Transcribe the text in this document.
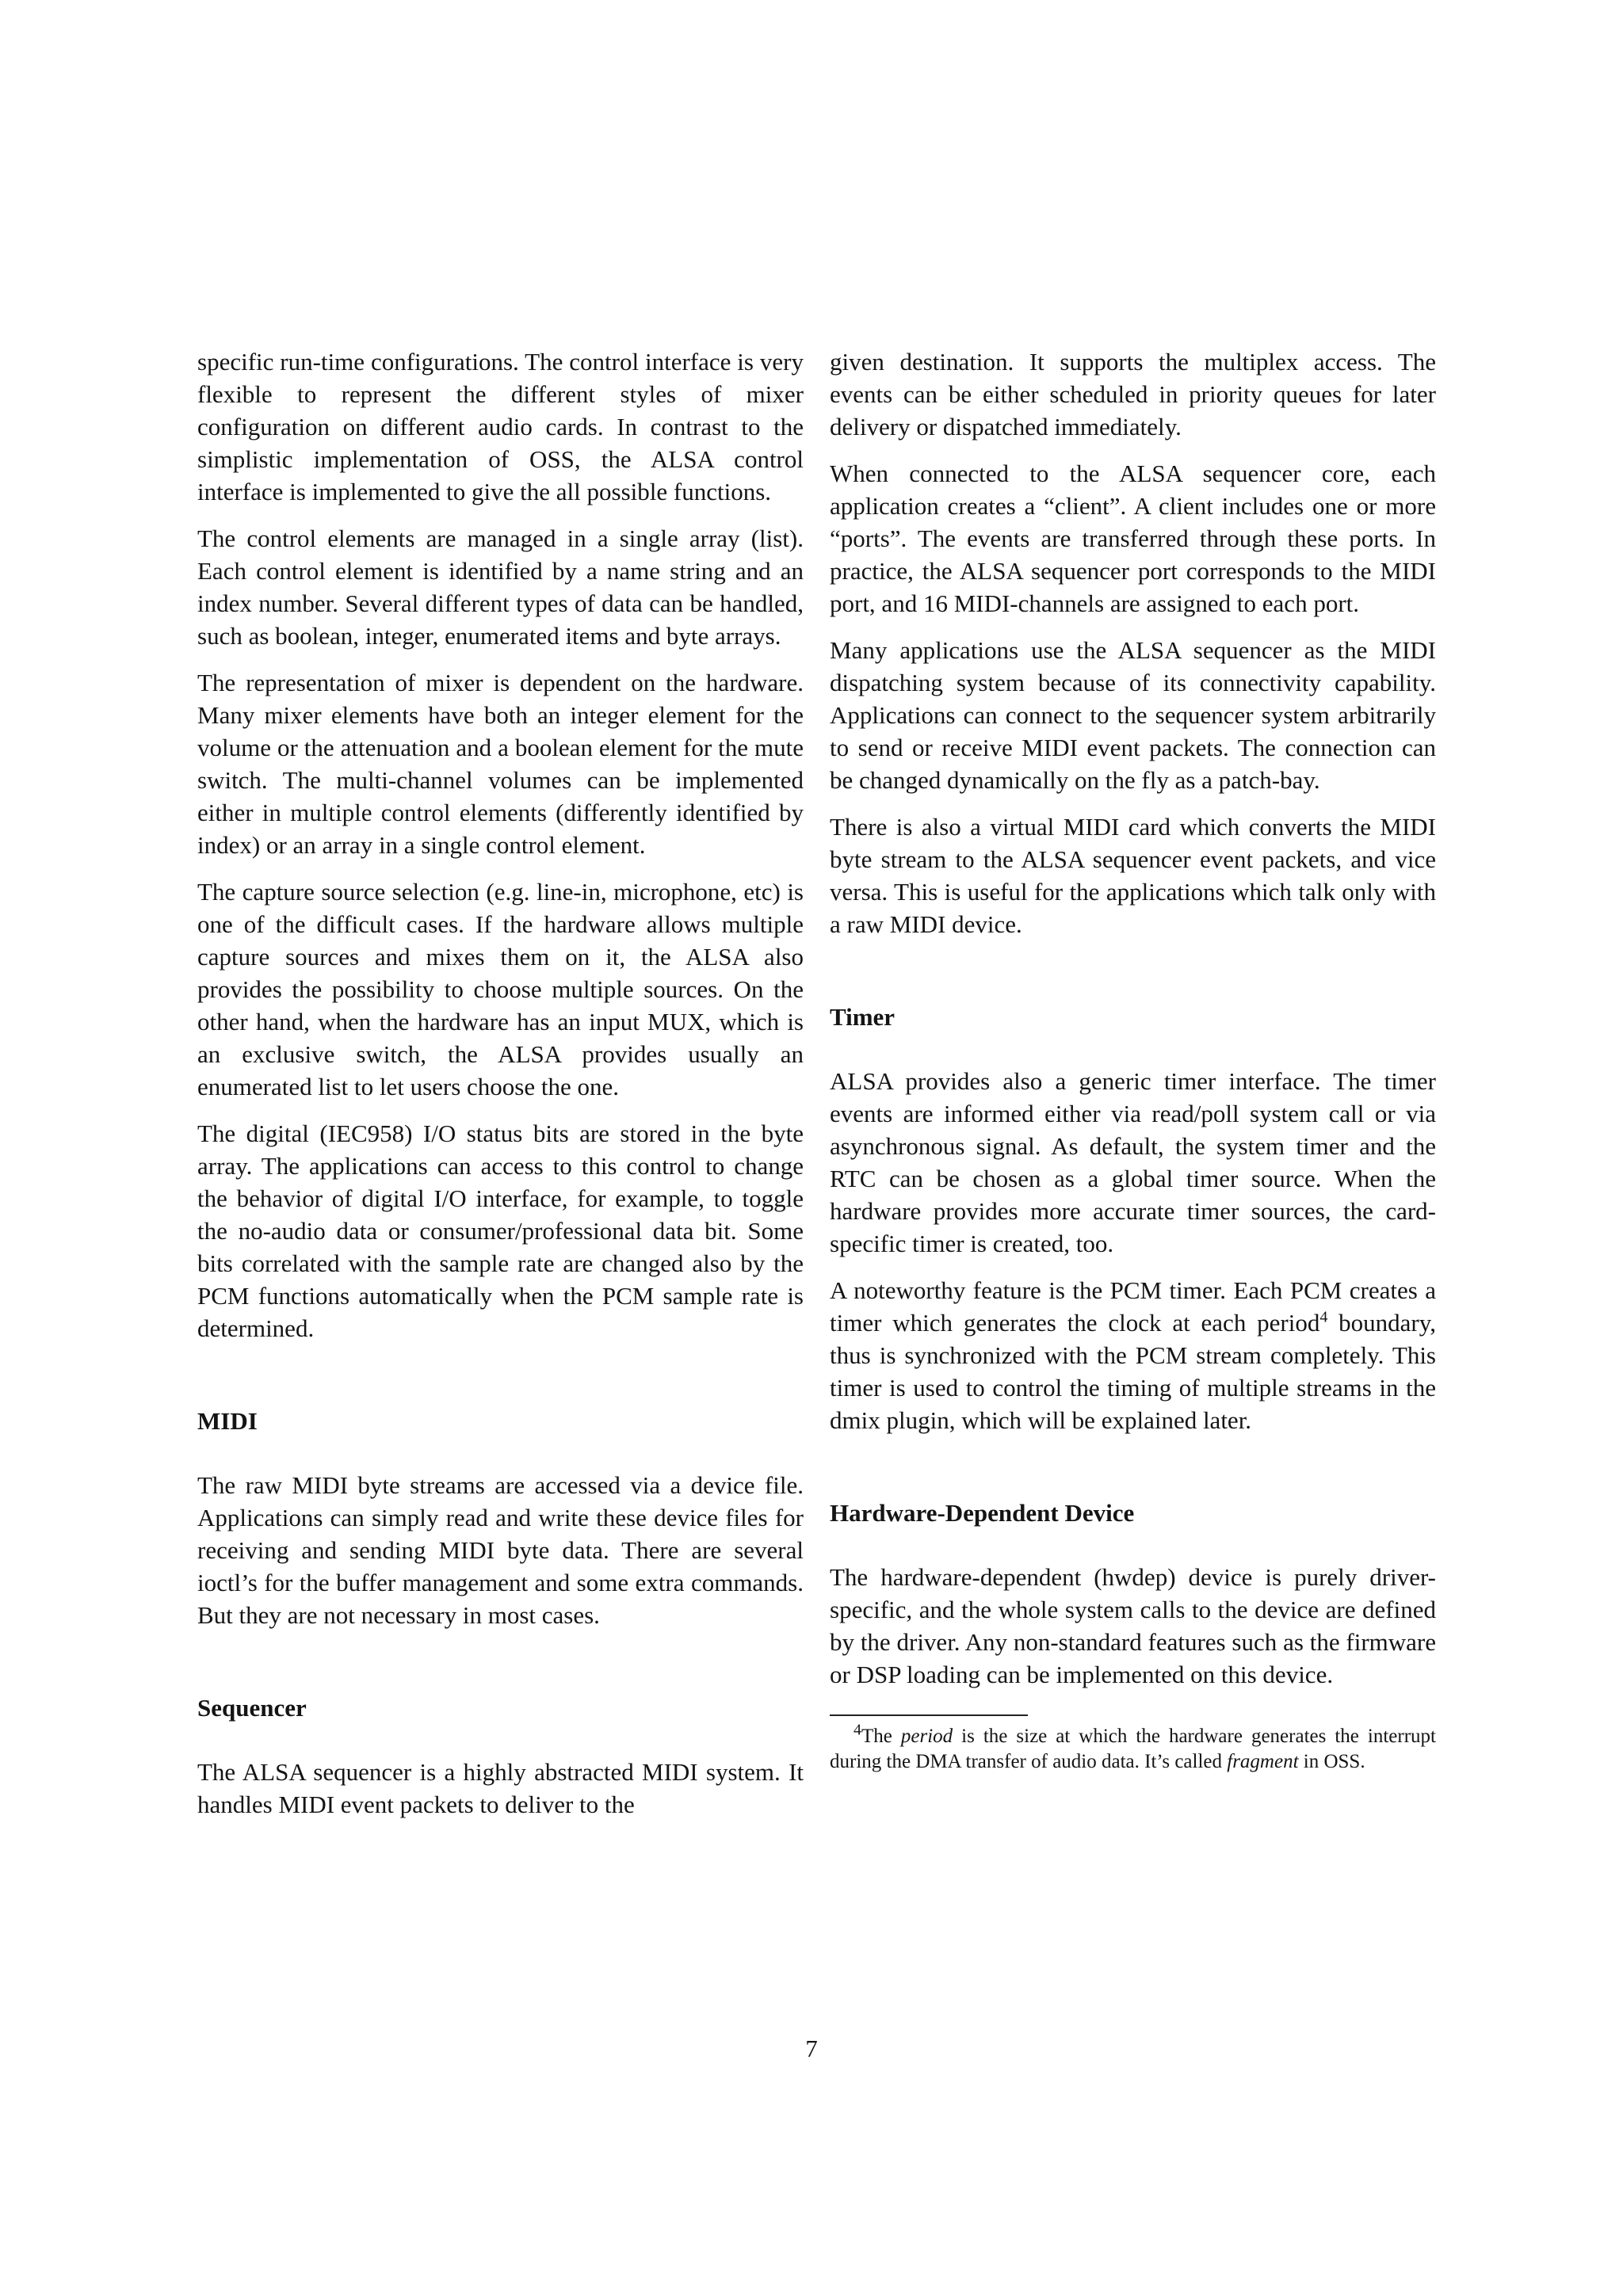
specific run-time configurations. The control interface is very flexible to represent the different styles of mixer configuration on different audio cards. In contrast to the simplistic implementation of OSS, the ALSA control interface is implemented to give the all possible functions.

The control elements are managed in a single array (list). Each control element is identified by a name string and an index number. Several different types of data can be handled, such as boolean, integer, enumerated items and byte arrays.

The representation of mixer is dependent on the hardware. Many mixer elements have both an integer element for the volume or the attenuation and a boolean element for the mute switch. The multi-channel volumes can be implemented either in multiple control elements (differently identified by index) or an array in a single control element.

The capture source selection (e.g. line-in, microphone, etc) is one of the difficult cases. If the hardware allows multiple capture sources and mixes them on it, the ALSA also provides the possibility to choose multiple sources. On the other hand, when the hardware has an input MUX, which is an exclusive switch, the ALSA provides usually an enumerated list to let users choose the one.

The digital (IEC958) I/O status bits are stored in the byte array. The applications can access to this control to change the behavior of digital I/O interface, for example, to toggle the no-audio data or consumer/professional data bit. Some bits correlated with the sample rate are changed also by the PCM functions automatically when the PCM sample rate is determined.

MIDI

The raw MIDI byte streams are accessed via a device file. Applications can simply read and write these device files for receiving and sending MIDI byte data. There are several ioctl’s for the buffer management and some extra commands. But they are not necessary in most cases.

Sequencer

The ALSA sequencer is a highly abstracted MIDI system. It handles MIDI event packets to deliver to the

given destination. It supports the multiplex access. The events can be either scheduled in priority queues for later delivery or dispatched immediately.

When connected to the ALSA sequencer core, each application creates a “client”. A client includes one or more “ports”. The events are transferred through these ports. In practice, the ALSA sequencer port corresponds to the MIDI port, and 16 MIDI-channels are assigned to each port.

Many applications use the ALSA sequencer as the MIDI dispatching system because of its connectivity capability. Applications can connect to the sequencer system arbitrarily to send or receive MIDI event packets. The connection can be changed dynamically on the fly as a patch-bay.

There is also a virtual MIDI card which converts the MIDI byte stream to the ALSA sequencer event packets, and vice versa. This is useful for the applications which talk only with a raw MIDI device.

Timer

ALSA provides also a generic timer interface. The timer events are informed either via read/poll system call or via asynchronous signal. As default, the system timer and the RTC can be chosen as a global timer source. When the hardware provides more accurate timer sources, the card-specific timer is created, too.

A noteworthy feature is the PCM timer. Each PCM creates a timer which generates the clock at each period$^4$ boundary, thus is synchronized with the PCM stream completely. This timer is used to control the timing of multiple streams in the dmix plugin, which will be explained later.

Hardware-Dependent Device

The hardware-dependent (hwdep) device is purely driver-specific, and the whole system calls to the device are defined by the driver. Any non-standard features such as the firmware or DSP loading can be implemented on this device.

$^4$The period is the size at which the hardware generates the interrupt during the DMA transfer of audio data. It’s called fragment in OSS.

7
